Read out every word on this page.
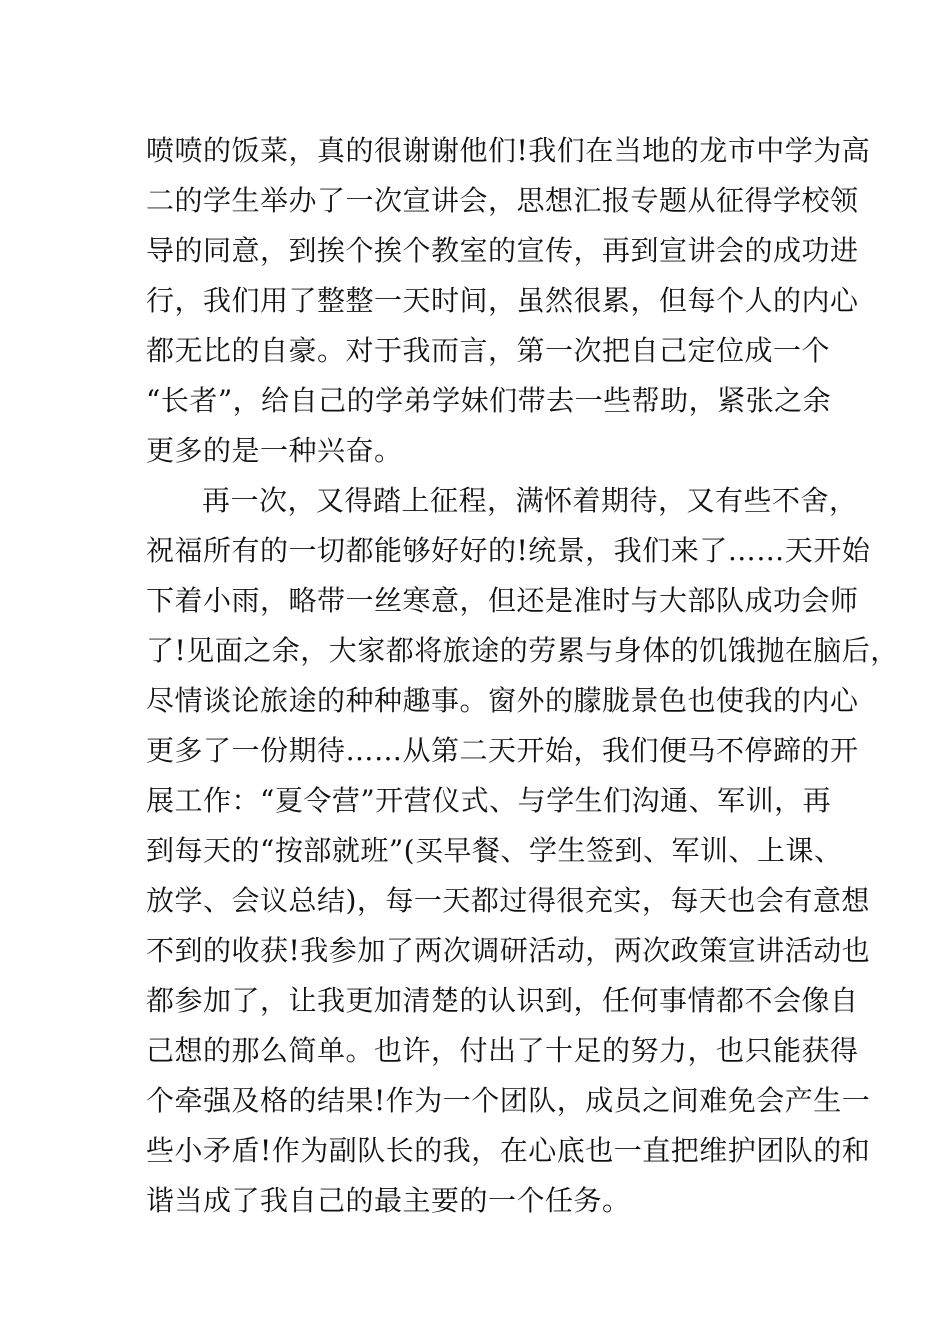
喷喷的饭菜，真的很谢谢他们!我们在当地的龙市中学为高
二的学生举办了一次宣讲会，思想汇报专题从征得学校领
导的同意，到挨个挨个教室的宣传，再到宣讲会的成功进
行，我们用了整整一天时间，虽然很累，但每个人的内心
都无比的自豪。对于我而言，第一次把自己定位成一个
“长者”，给自己的学弟学妹们带去一些帮助，紧张之余
更多的是一种兴奋。
再一次，又得踏上征程，满怀着期待，又有些不舍，
祝福所有的一切都能够好好的!统景，我们来了……天开始
下着小雨，略带一丝寒意，但还是准时与大部队成功会师
了!见面之余，大家都将旅途的劳累与身体的饥饿抛在脑后，
尽情谈论旅途的种种趣事。窗外的朦胧景色也使我的内心
更多了一份期待……从第二天开始，我们便马不停蹄的开
展工作：“夏令营”开营仪式、与学生们沟通、军训，再
到每天的“按部就班”(买早餐、学生签到、军训、上课、
放学、会议总结)，每一天都过得很充实，每天也会有意想
不到的收获!我参加了两次调研活动，两次政策宣讲活动也
都参加了，让我更加清楚的认识到，任何事情都不会像自
己想的那么简单。也许，付出了十足的努力，也只能获得
个牵强及格的结果!作为一个团队，成员之间难免会产生一
些小矛盾!作为副队长的我，在心底也一直把维护团队的和
谐当成了我自己的最主要的一个任务。
